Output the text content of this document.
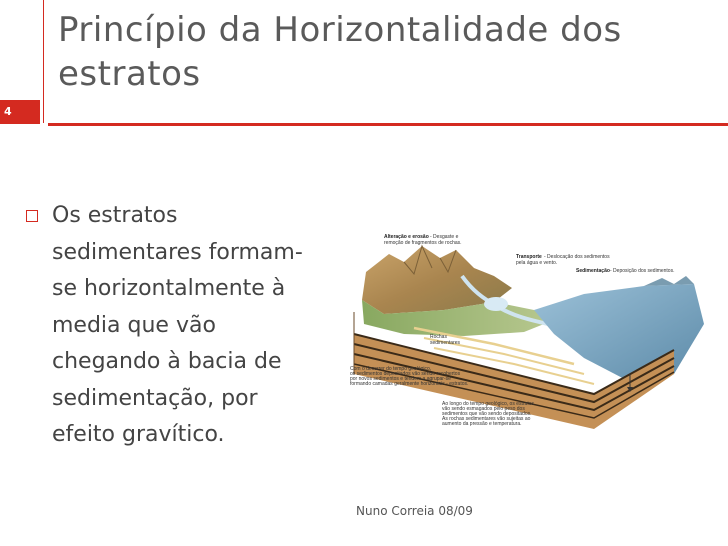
Princípio da Horizontalidade dos estratos
4
Os estratos
sedimentares formam-
se horizontalmente à
media que vão
chegando à bacia de
sedimentação, por
efeito gravítico.
Alteração e erosão - Desgaste e
remoção de fragmentos de rochas.
Transporte - Deslocação dos sedimentos
pela água e vento.
Sedimentação - Deposição dos sedimentos.
Rochas
sedimentares
Com o decorrer do tempo geológico,
os sedimentos depositados vão sendo recobertos
por novos sedimentos e tendem a agrupar-se
formando camadas geralmente horizontais - estratos.
Ao longo do tempo geológico, os estratos
vão sendo esmagados pelo peso dos
sedimentos que vão sendo depositados.
As rochas sedimentares vão sujeitas ao
aumento da pressão e temperatura.
Nuno Correia 08/09
